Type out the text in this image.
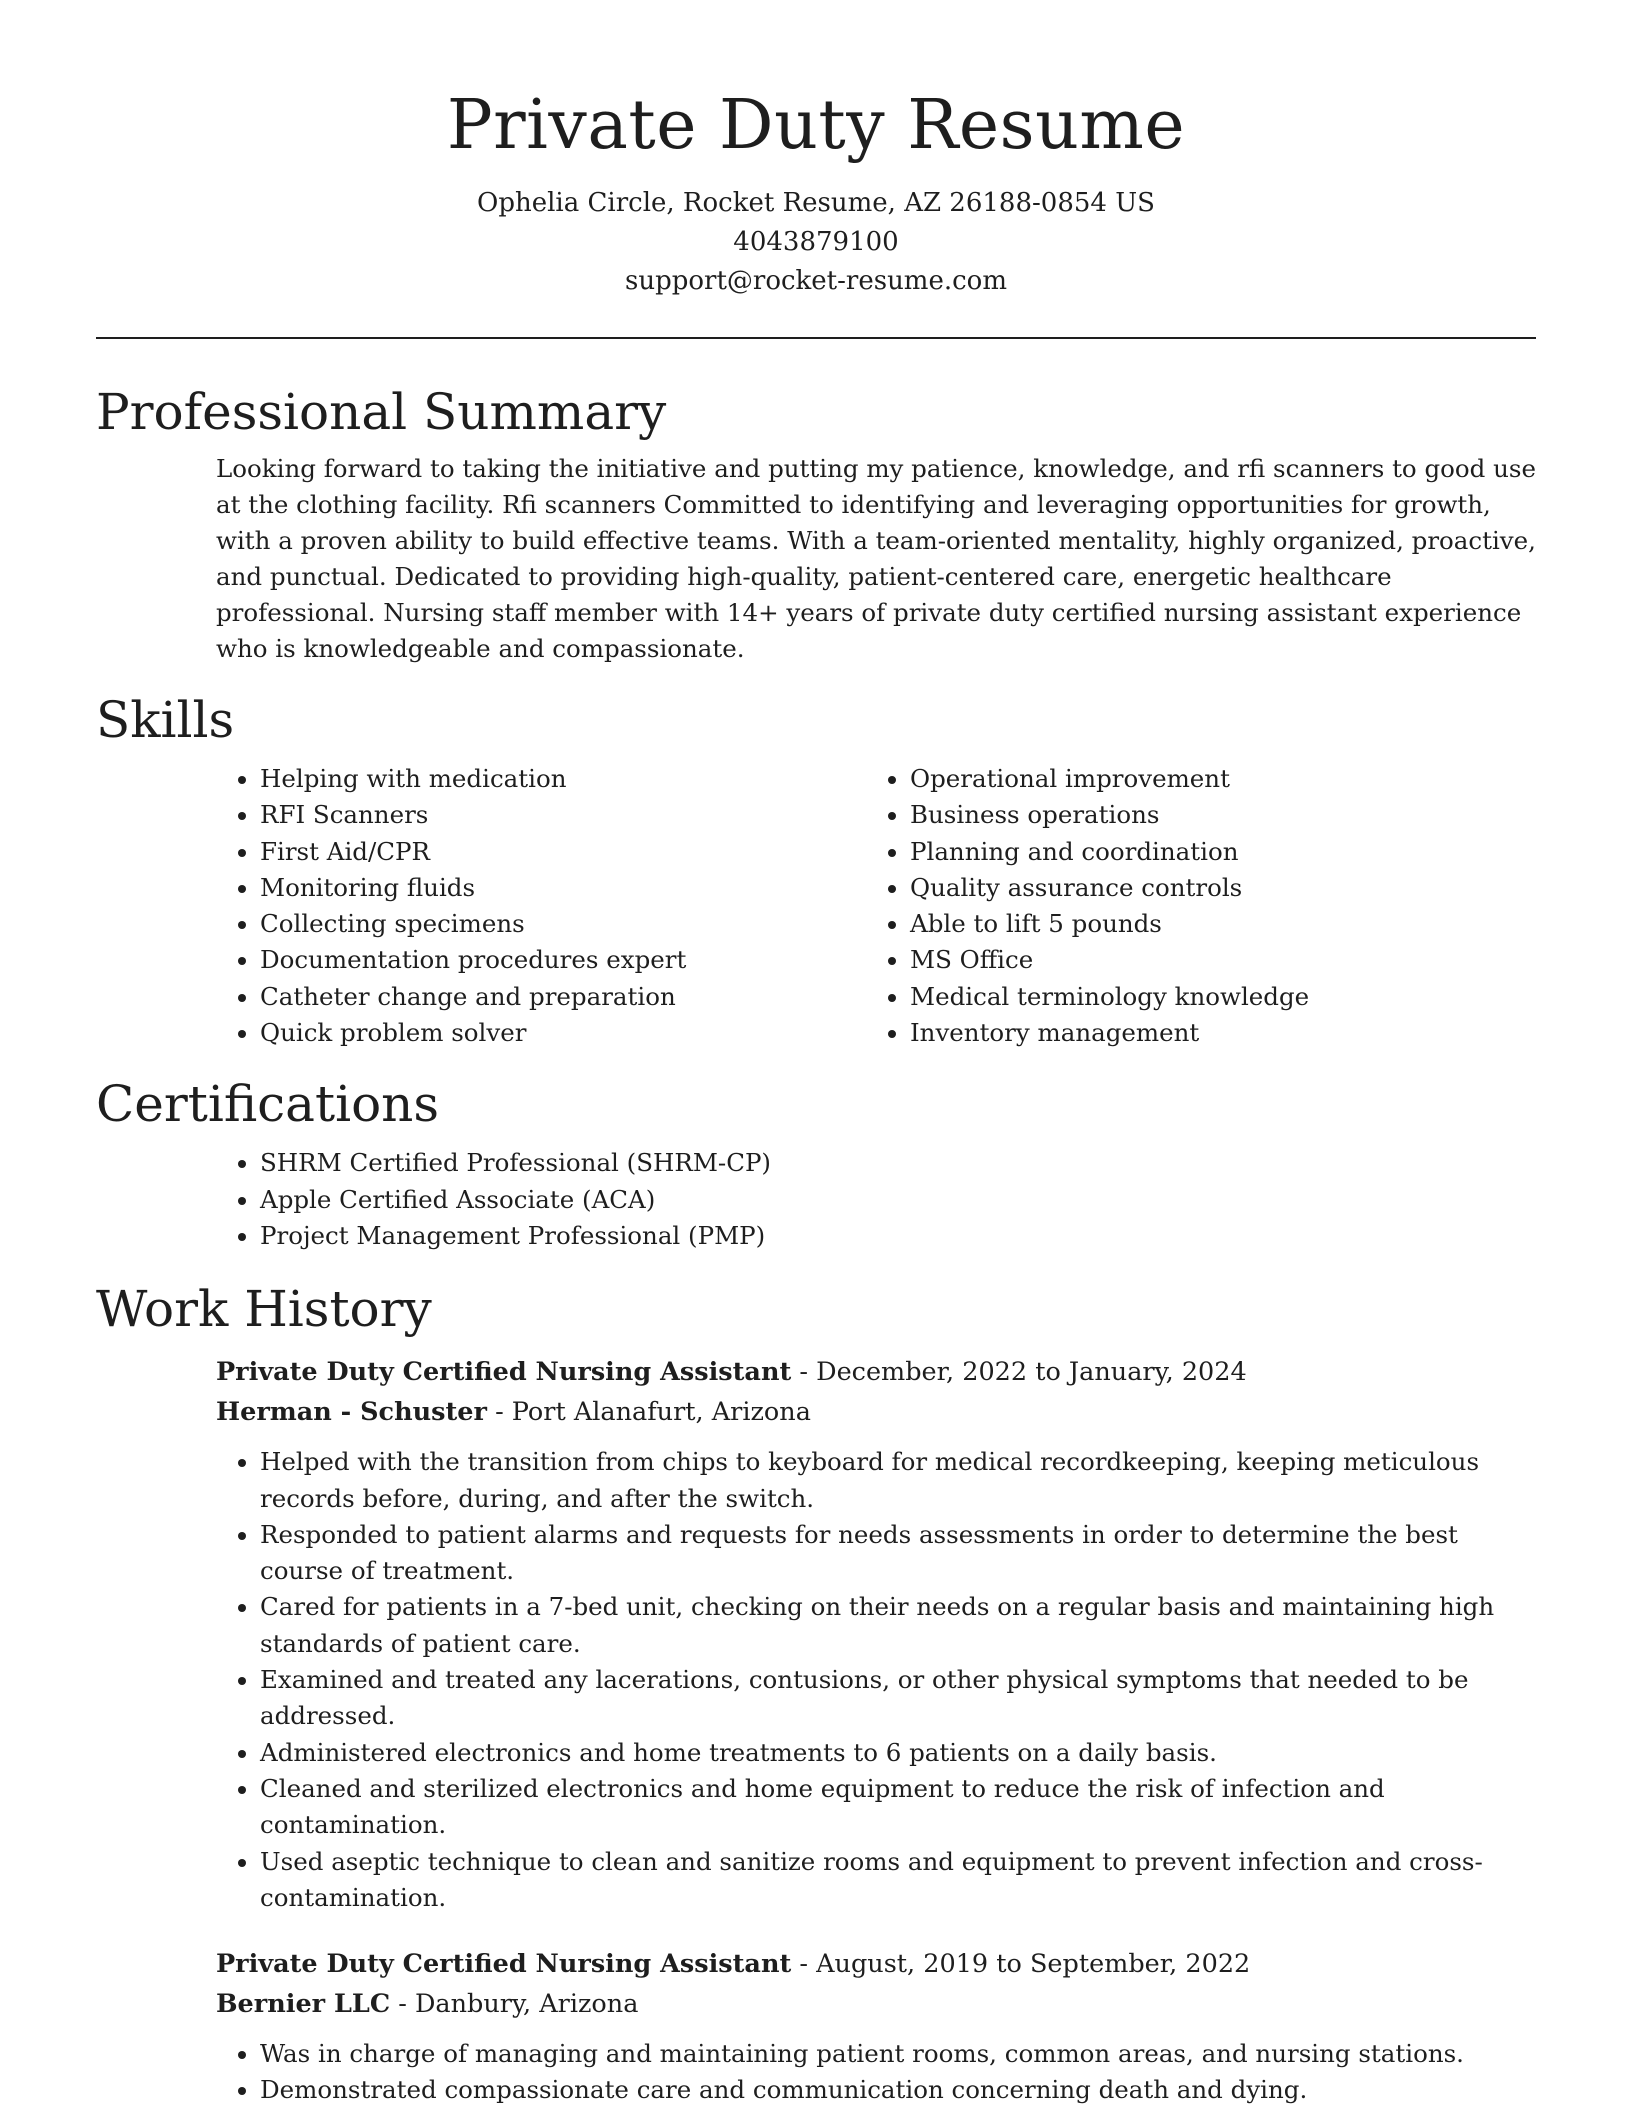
Private Duty Resume
Ophelia Circle, Rocket Resume, AZ 26188-0854 US
4043879100
support@rocket-resume.com
Professional Summary
Looking forward to taking the initiative and putting my patience, knowledge, and rfi scanners to good use at the clothing facility. Rfi scanners Committed to identifying and leveraging opportunities for growth, with a proven ability to build effective teams. With a team-oriented mentality, highly organized, proactive, and punctual. Dedicated to providing high-quality, patient-centered care, energetic healthcare professional. Nursing staff member with 14+ years of private duty certified nursing assistant experience who is knowledgeable and compassionate.
Skills
• Helping with medication
• RFI Scanners
• First Aid/CPR
• Monitoring fluids
• Collecting specimens
• Documentation procedures expert
• Catheter change and preparation
• Quick problem solver
• Operational improvement
• Business operations
• Planning and coordination
• Quality assurance controls
• Able to lift 5 pounds
• MS Office
• Medical terminology knowledge
• Inventory management
Certifications
• SHRM Certified Professional (SHRM-CP)
• Apple Certified Associate (ACA)
• Project Management Professional (PMP)
Work History
Private Duty Certified Nursing Assistant - December, 2022 to January, 2024
Herman - Schuster - Port Alanafurt, Arizona
• Helped with the transition from chips to keyboard for medical recordkeeping, keeping meticulous records before, during, and after the switch.
• Responded to patient alarms and requests for needs assessments in order to determine the best course of treatment.
• Cared for patients in a 7-bed unit, checking on their needs on a regular basis and maintaining high standards of patient care.
• Examined and treated any lacerations, contusions, or other physical symptoms that needed to be addressed.
• Administered electronics and home treatments to 6 patients on a daily basis.
• Cleaned and sterilized electronics and home equipment to reduce the risk of infection and contamination.
• Used aseptic technique to clean and sanitize rooms and equipment to prevent infection and cross-contamination.
Private Duty Certified Nursing Assistant - August, 2019 to September, 2022
Bernier LLC - Danbury, Arizona
• Was in charge of managing and maintaining patient rooms, common areas, and nursing stations.
• Demonstrated compassionate care and communication concerning death and dying.
